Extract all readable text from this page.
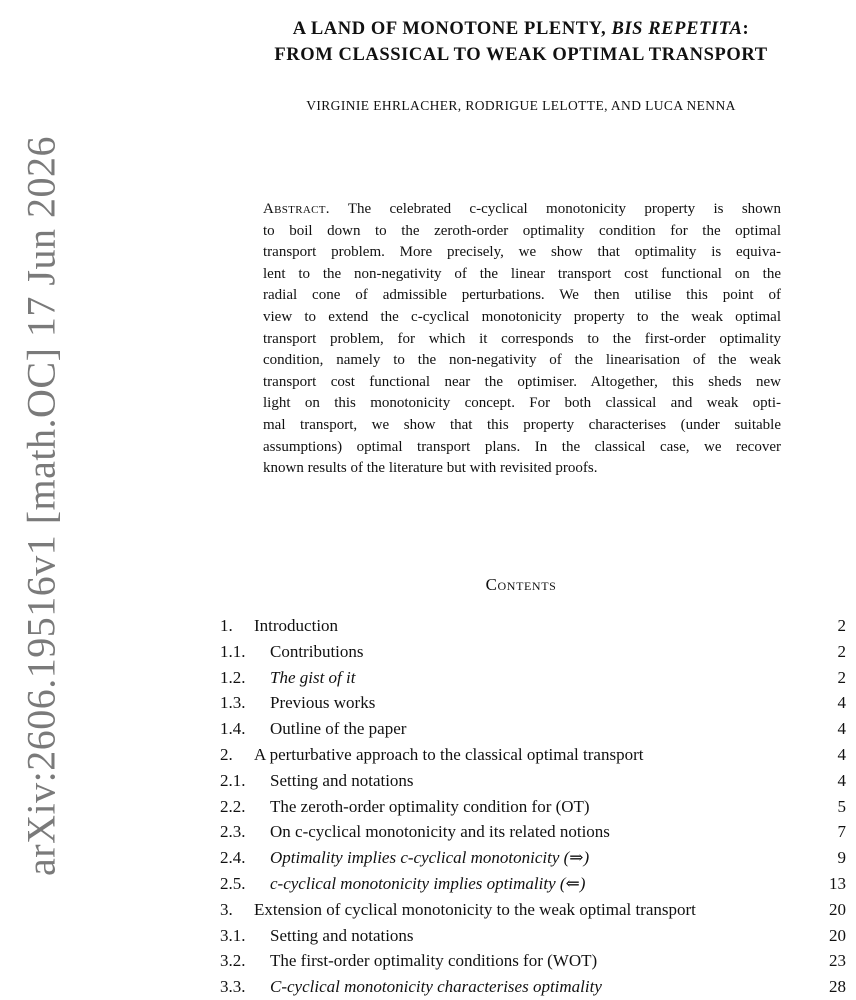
arXiv:2606.19516v1 [math.OC] 17 Jun 2026
A LAND OF MONOTONE PLENTY, BIS REPETITA:
FROM CLASSICAL TO WEAK OPTIMAL TRANSPORT
VIRGINIE EHRLACHER, RODRIGUE LELOTTE, AND LUCA NENNA
Abstract. The celebrated c-cyclical monotonicity property is shown
to boil down to the zeroth-order optimality condition for the optimal
transport problem. More precisely, we show that optimality is equiva-
lent to the non-negativity of the linear transport cost functional on the
radial cone of admissible perturbations. We then utilise this point of
view to extend the c-cyclical monotonicity property to the weak optimal
transport problem, for which it corresponds to the first-order optimality
condition, namely to the non-negativity of the linearisation of the weak
transport cost functional near the optimiser. Altogether, this sheds new
light on this monotonicity concept. For both classical and weak opti-
mal transport, we show that this property characterises (under suitable
assumptions) optimal transport plans. In the classical case, we recover
known results of the literature but with revisited proofs.
Contents
1. Introduction	2
1.1. Contributions	2
1.2. The gist of it	2
1.3. Previous works	4
1.4. Outline of the paper	4
2. A perturbative approach to the classical optimal transport	4
2.1. Setting and notations	4
2.2. The zeroth-order optimality condition for (OT)	5
2.3. On c-cyclical monotonicity and its related notions	7
2.4. Optimality implies c-cyclical monotonicity (⇒)	9
2.5. c-cyclical monotonicity implies optimality (⇐)	13
3. Extension of cyclical monotonicity to the weak optimal transport	20
3.1. Setting and notations	20
3.2. The first-order optimality conditions for (WOT)	23
3.3. C-cyclical monotonicity characterises optimality	28
